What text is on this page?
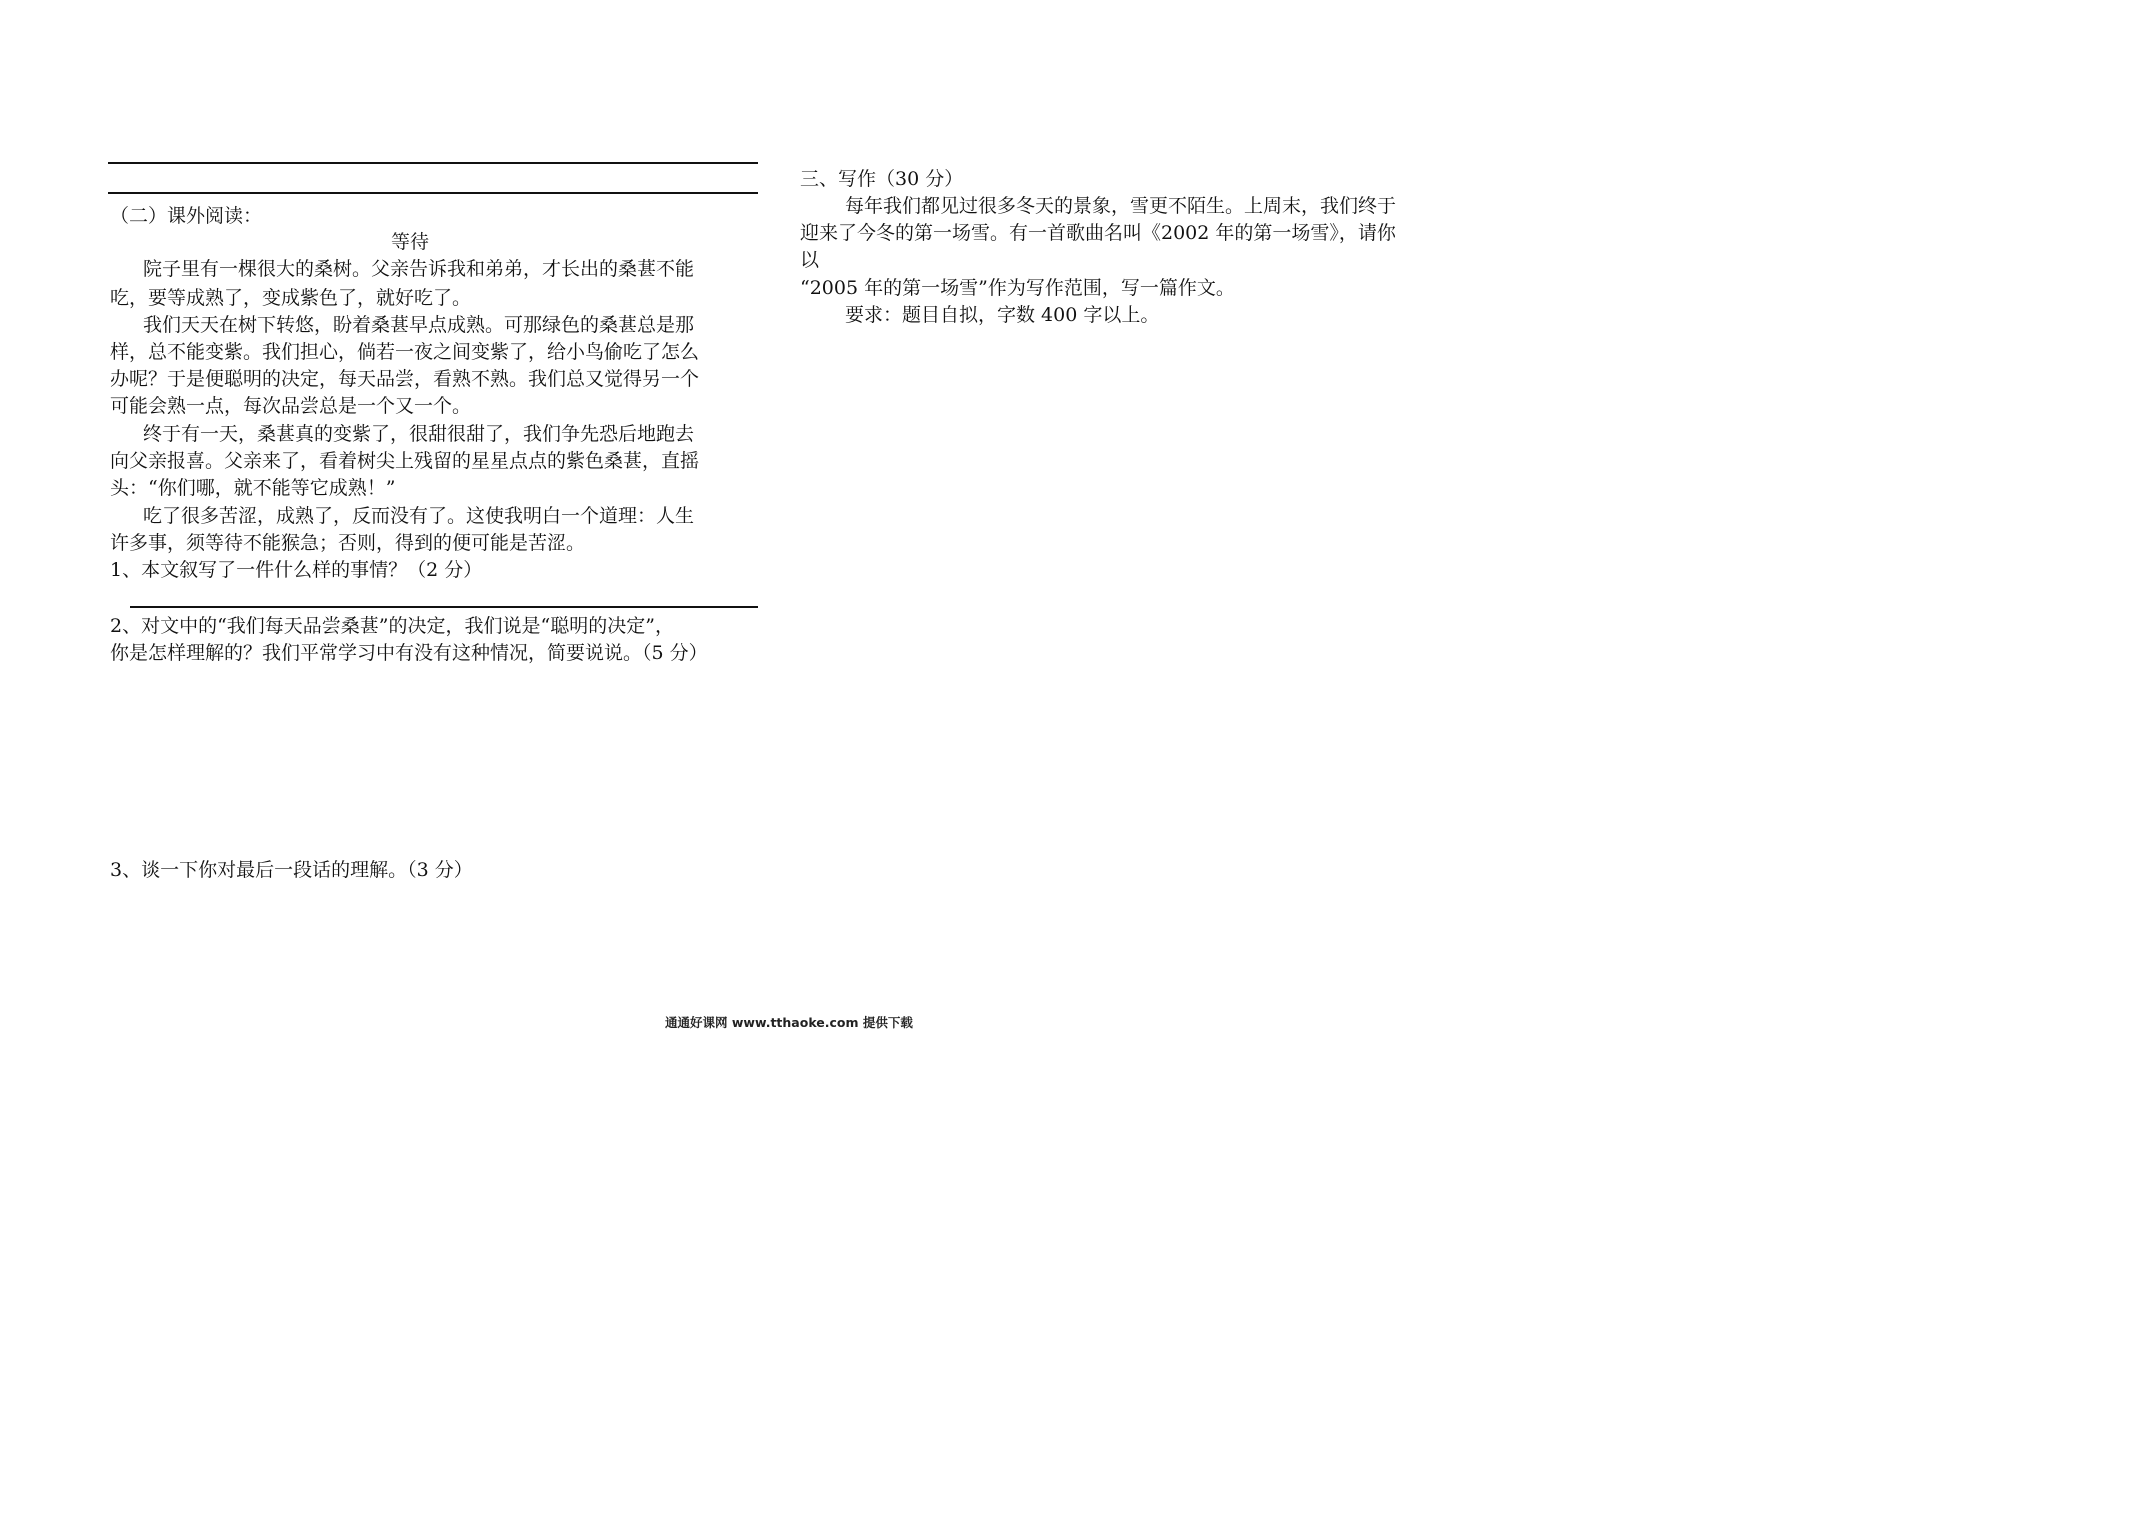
（二）课外阅读：
等待
院子里有一棵很大的桑树。父亲告诉我和弟弟，才长出的桑葚不能
吃，要等成熟了，变成紫色了，就好吃了。
我们天天在树下转悠，盼着桑葚早点成熟。可那绿色的桑葚总是那
样，总不能变紫。我们担心，倘若一夜之间变紫了，给小鸟偷吃了怎么
办呢？于是便聪明的决定，每天品尝，看熟不熟。我们总又觉得另一个
可能会熟一点，每次品尝总是一个又一个。
终于有一天，桑葚真的变紫了，很甜很甜了，我们争先恐后地跑去
向父亲报喜。父亲来了，看着树尖上残留的星星点点的紫色桑葚，直摇
头：“你们哪，就不能等它成熟！”
吃了很多苦涩，成熟了，反而没有了。这使我明白一个道理：人生
许多事，须等待不能猴急；否则，得到的便可能是苦涩。
1、本文叙写了一件什么样的事情？（2 分）
2、对文中的“我们每天品尝桑葚”的决定，我们说是“聪明的决定”，
你是怎样理解的？我们平常学习中有没有这种情况，简要说说。（5 分）
3、谈一下你对最后一段话的理解。（3 分）
三、写作（30 分）
每年我们都见过很多冬天的景象，雪更不陌生。上周末，我们终于
迎来了今冬的第一场雪。有一首歌曲名叫《2002 年的第一场雪》，请你
以
“2005 年的第一场雪”作为写作范围，写一篇作文。
要求：题目自拟，字数 400 字以上。
通通好课网 www.tthaoke.com 提供下载
